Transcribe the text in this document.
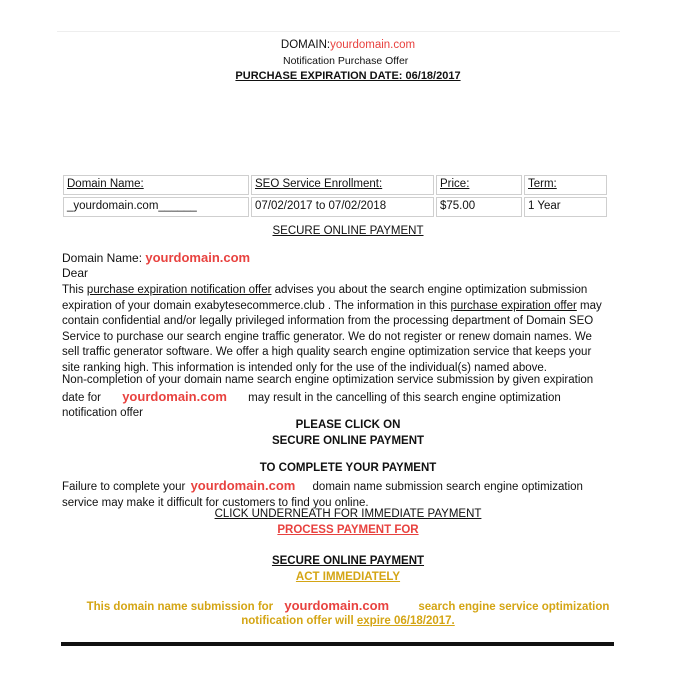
DOMAIN:yourdomain.com
Notification Purchase Offer
PURCHASE EXPIRATION DATE: 06/18/2017
Domain Name:	SEO Service Enrollment:	Price:	Term:
_yourdomain.com______	07/02/2017 to 07/02/2018	$75.00	1 Year
SECURE ONLINE PAYMENT
Domain Name: yourdomain.com
Dear
This purchase expiration notification offer advises you about the search engine optimization submission expiration of your domain exabytesecommerce.club . The information in this purchase expiration offer may contain confidential and/or legally privileged information from the processing department of Domain SEO Service to purchase our search engine traffic generator. We do not register or renew domain names. We sell traffic generator software. We offer a high quality search engine optimization service that keeps your site ranking high. This information is intended only for the use of the individual(s) named above.
Non-completion of your domain name search engine optimization service submission by given expiration date for yourdomain.com may result in the cancelling of this search engine optimization notification offer
PLEASE CLICK ON
SECURE ONLINE PAYMENT
TO COMPLETE YOUR PAYMENT
Failure to complete your yourdomain.com domain name submission search engine optimization service may make it difficult for customers to find you online.
CLICK UNDERNEATH FOR IMMEDIATE PAYMENT
PROCESS PAYMENT FOR
SECURE ONLINE PAYMENT
ACT IMMEDIATELY
This domain name submission for yourdomain.com	search engine service optimization
notification offer will expire 06/18/2017.
